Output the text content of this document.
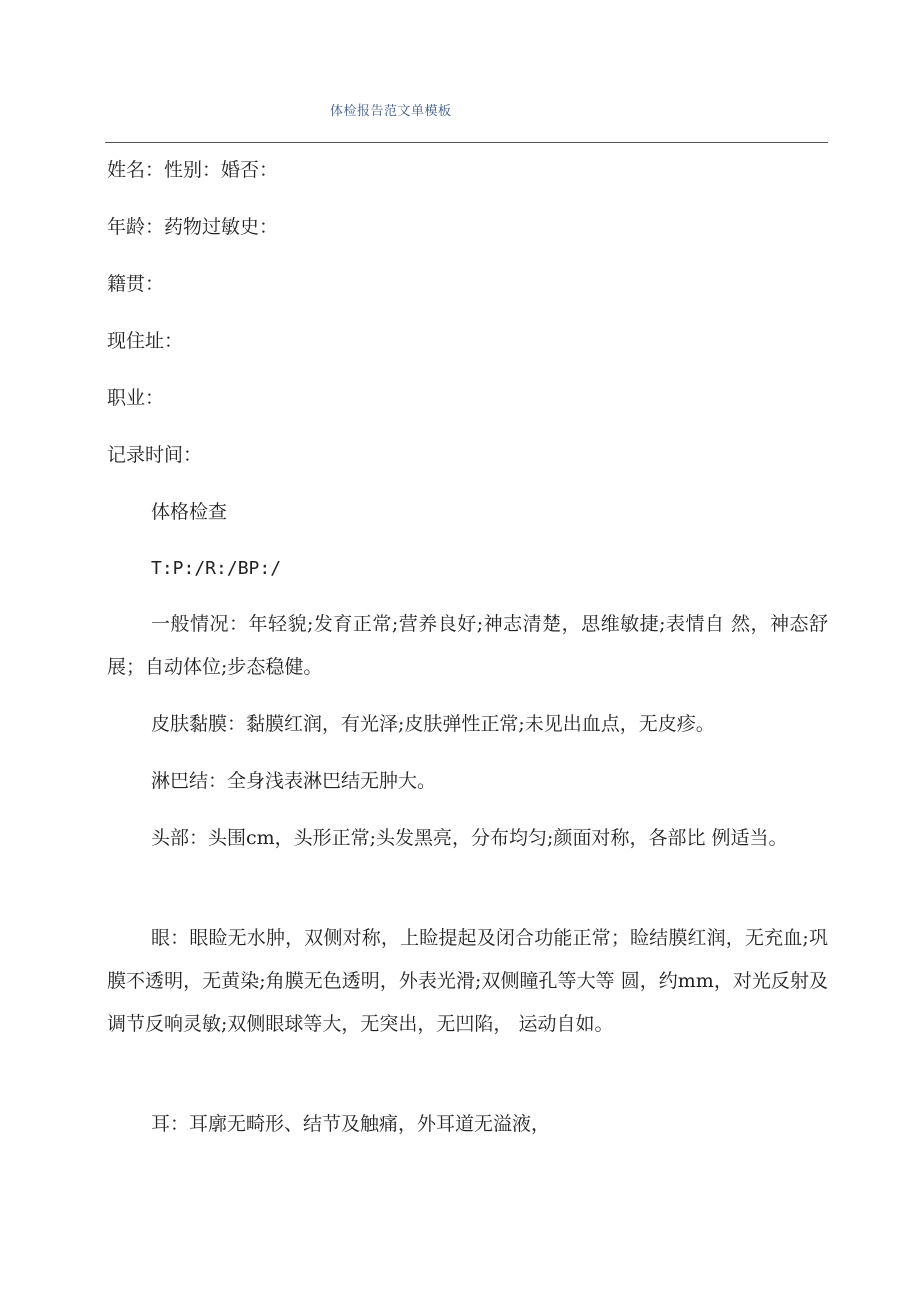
体检报告范文单模板
姓名：性别：婚否：
年龄：药物过敏史：
籍贯：
现住址：
职业：
记录时间：
体格检查
T:P:/R:/BP:/
一般情况：年轻貌;发育正常;营养良好;神志清楚，思维敏捷;表情自 然，神态舒展；自动体位;步态稳健。
皮肤黏膜：黏膜红润，有光泽;皮肤弹性正常;未见出血点，无皮疹。
淋巴结：全身浅表淋巴结无肿大。
头部：头围cm，头形正常;头发黑亮，分布均匀;颜面对称，各部比 例适当。
眼：眼睑无水肿，双侧对称，上睑提起及闭合功能正常；睑结膜红润，无充血;巩膜不透明，无黄染;角膜无色透明，外表光滑;双侧瞳孔等大等 圆，约mm，对光反射及调节反响灵敏;双侧眼球等大，无突出，无凹陷， 运动自如。
耳：耳廓无畸形、结节及触痛，外耳道无溢液，
